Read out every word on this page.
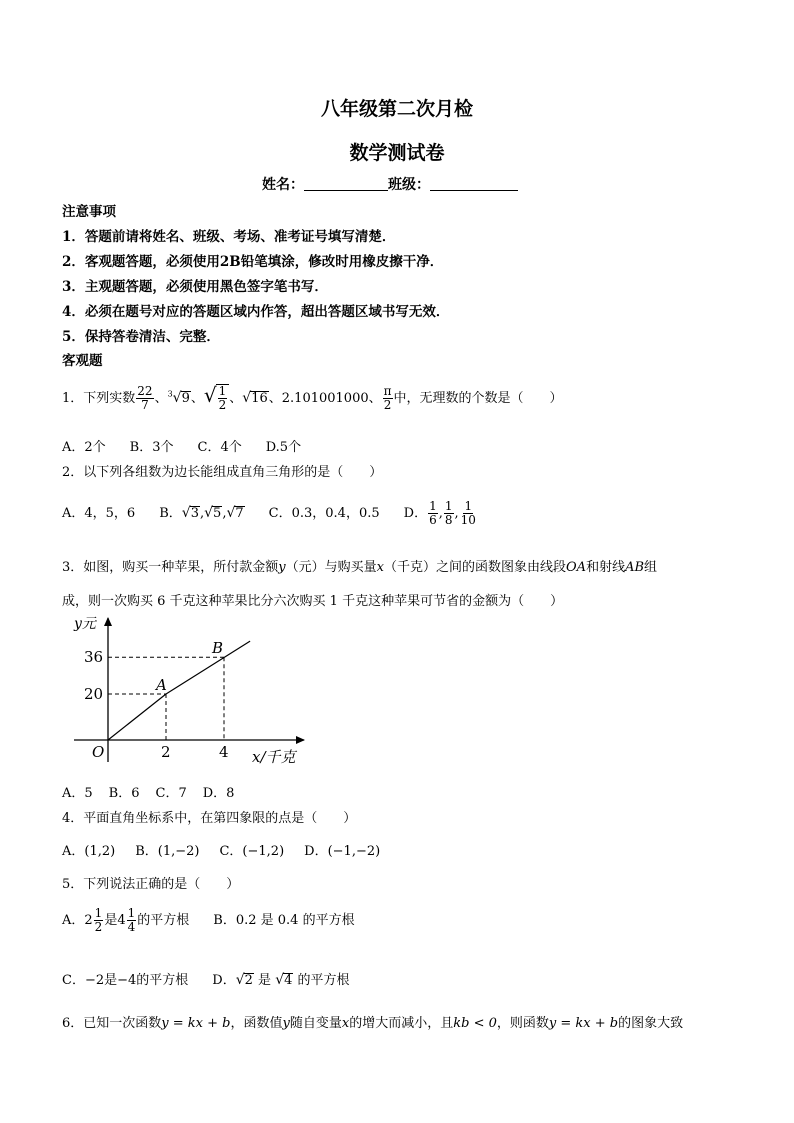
八年级第二次月检
数学测试卷
姓名：	班级：
注意事项
1．答题前请将姓名、班级、考场、准考证号填写清楚．
2．客观题答题，必须使用2B铅笔填涂，修改时用橡皮擦干净．
3．主观题答题，必须使用黑色签字笔书写．
4．必须在题号对应的答题区域内作答，超出答题区域书写无效．
5．保持答卷清洁、完整．
客观题
1．下列实数 $\frac{22}{7}$ 、$^3$√9、√ $\frac{1}{2}$ 、√16、2.101001000、 $\frac{\pi}{2}$ 中，无理数的个数是（　　）
A．2个 B．3个 C．4个 D.5个
2．以下列各组数为边长能组成直角三角形的是（　　）
A．4，5，6 B．√3,√5,√7 C．0.3，0.4，0.5 D． $\frac{1}{6}$ , $\frac{1}{8}$ , $\frac{1}{10}$
3．如图，购买一种苹果，所付款金额y（元）与购买量x（千克）之间的函数图象由线段OA和射线AB组
成，则一次购买 6 千克这种苹果比分六次购买 1 千克这种苹果可节省的金额为（　　）
2	4
20
36
A
B
y元
x/千克
O
A．5 B．6 C．7 D．8
4．平面直角坐标系中，在第四象限的点是（　　）
A．(1,2) B．(1,−2) C．(−1,2) D．(−1,−2)
5．下列说法正确的是（　　）
A．$2 \frac{1}{2}$ 是$4 \frac{1}{4}$ 的平方根 B．0.2 是 0.4 的平方根
C．−2是−4的平方根 D．√2 是 √4 的平方根
6．已知一次函数y = kx + b，函数值y随自变量x的增大而减小，且kb < 0，则函数y = kx + b的图象大致
